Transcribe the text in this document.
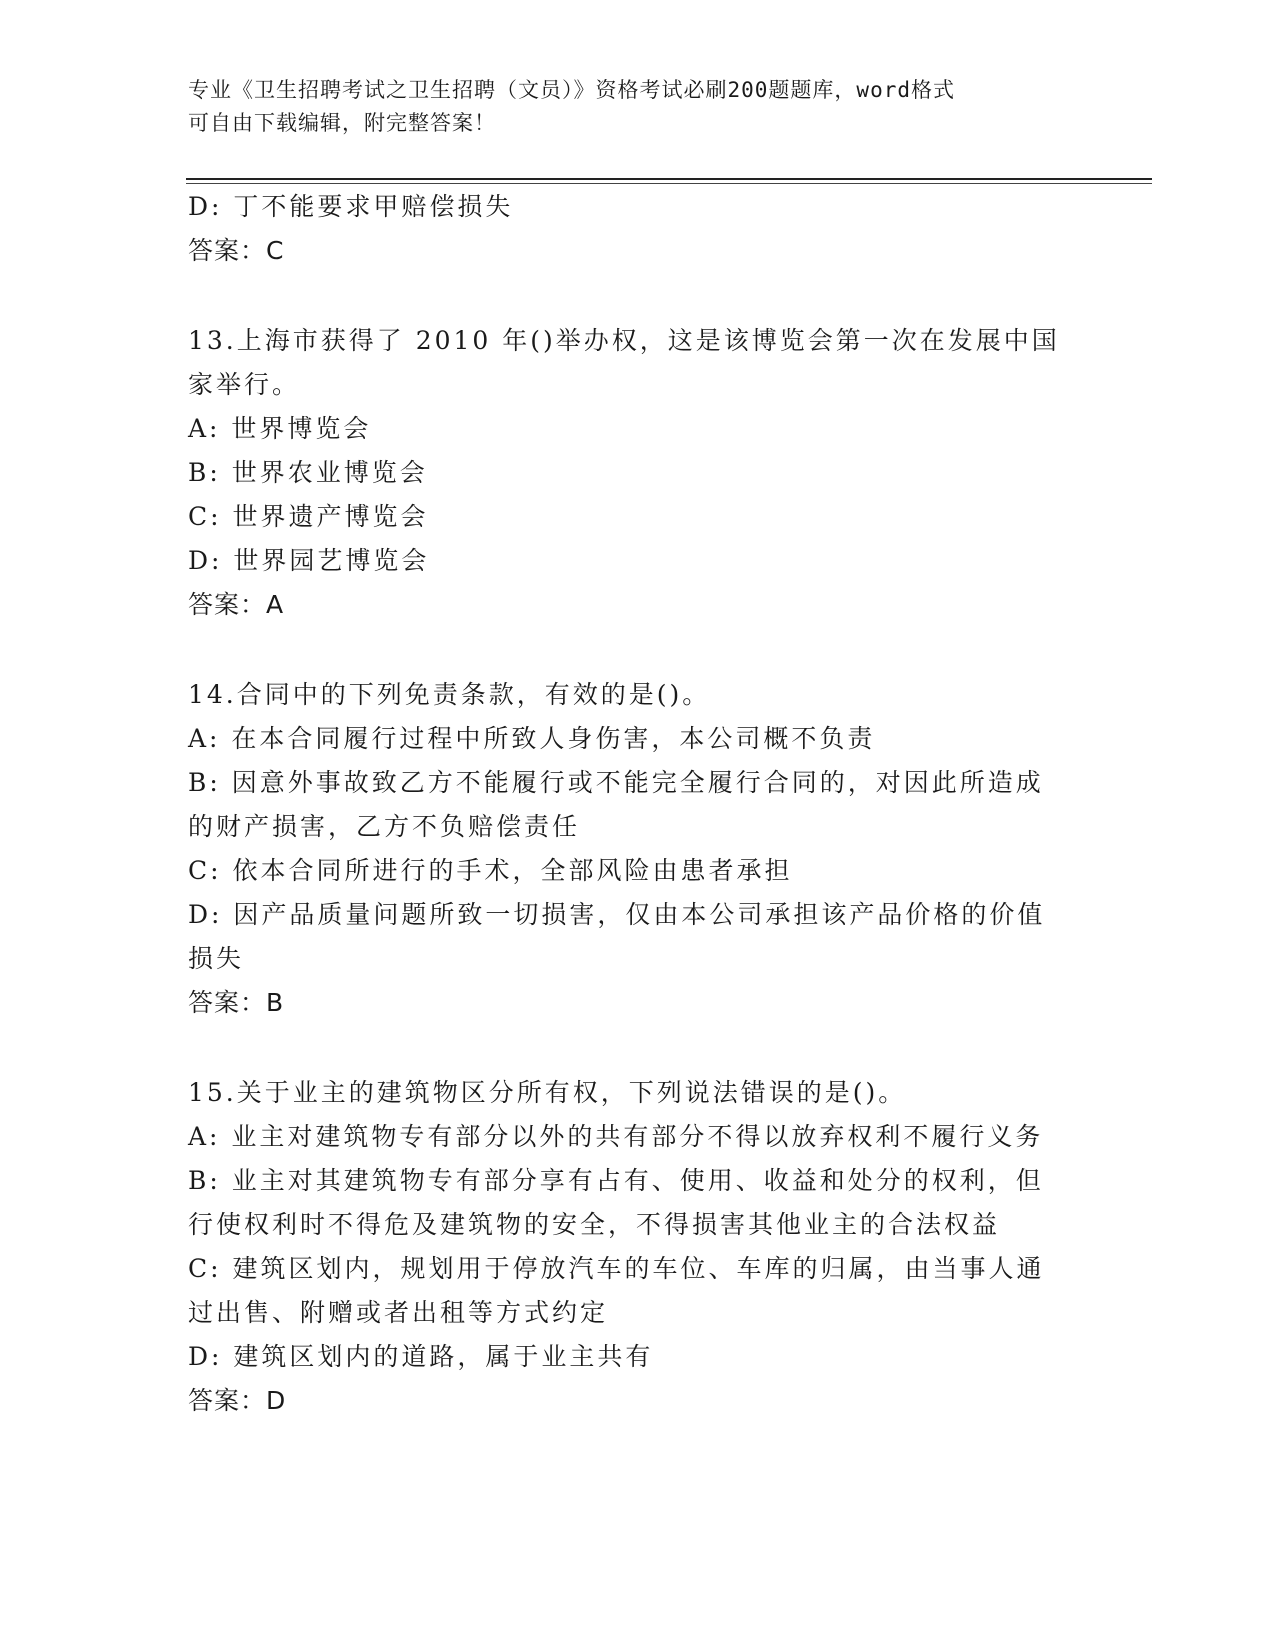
专业《卫生招聘考试之卫生招聘（文员）》资格考试必刷200题题库，word格式
可自由下载编辑，附完整答案！
D: 丁不能要求甲赔偿损失
答案：C
13.上海市获得了 2010 年()举办权，这是该博览会第一次在发展中国
家举行。
A: 世界博览会
B: 世界农业博览会
C: 世界遗产博览会
D: 世界园艺博览会
答案：A
14.合同中的下列免责条款，有效的是()。
A: 在本合同履行过程中所致人身伤害，本公司概不负责
B: 因意外事故致乙方不能履行或不能完全履行合同的，对因此所造成
的财产损害，乙方不负赔偿责任
C: 依本合同所进行的手术，全部风险由患者承担
D: 因产品质量问题所致一切损害，仅由本公司承担该产品价格的价值
损失
答案：B
15.关于业主的建筑物区分所有权，下列说法错误的是()。
A: 业主对建筑物专有部分以外的共有部分不得以放弃权利不履行义务
B: 业主对其建筑物专有部分享有占有、使用、收益和处分的权利，但
行使权利时不得危及建筑物的安全，不得损害其他业主的合法权益
C: 建筑区划内，规划用于停放汽车的车位、车库的归属，由当事人通
过出售、附赠或者出租等方式约定
D: 建筑区划内的道路，属于业主共有
答案：D
